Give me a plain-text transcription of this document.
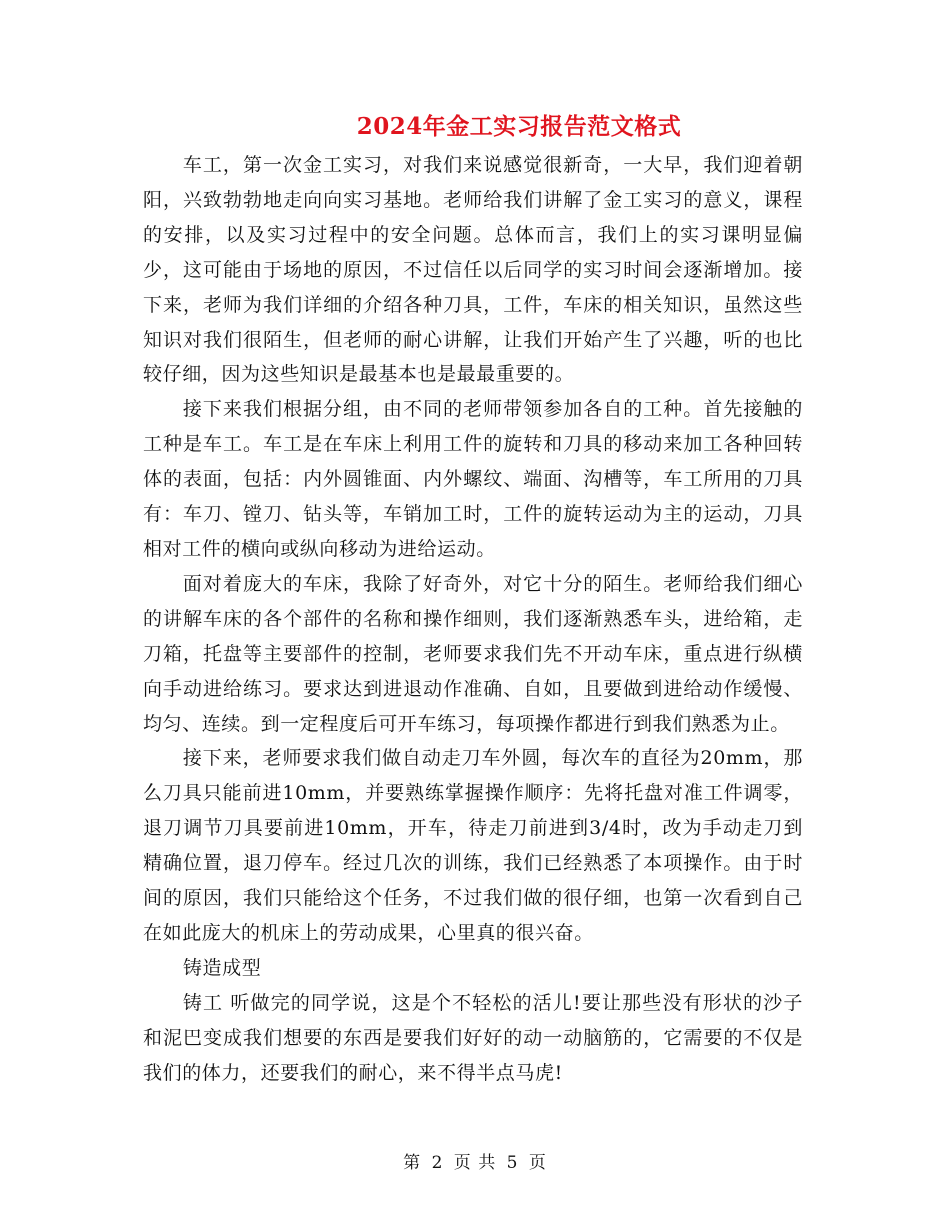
2024年金工实习报告范文格式

车工，第一次金工实习，对我们来说感觉很新奇，一大早，我们迎着朝阳，兴致勃勃地走向向实习基地。老师给我们讲解了金工实习的意义，课程的安排，以及实习过程中的安全问题。总体而言，我们上的实习课明显偏少，这可能由于场地的原因，不过信任以后同学的实习时间会逐渐增加。接下来，老师为我们详细的介绍各种刀具，工件，车床的相关知识，虽然这些知识对我们很陌生，但老师的耐心讲解，让我们开始产生了兴趣，听的也比较仔细，因为这些知识是最基本也是最最重要的。

接下来我们根据分组，由不同的老师带领参加各自的工种。首先接触的工种是车工。车工是在车床上利用工件的旋转和刀具的移动来加工各种回转体的表面，包括：内外圆锥面、内外螺纹、端面、沟槽等，车工所用的刀具有：车刀、镗刀、钻头等，车销加工时，工件的旋转运动为主的运动，刀具相对工件的横向或纵向移动为进给运动。

面对着庞大的车床，我除了好奇外，对它十分的陌生。老师给我们细心的讲解车床的各个部件的名称和操作细则，我们逐渐熟悉车头，进给箱，走刀箱，托盘等主要部件的控制，老师要求我们先不开动车床，重点进行纵横向手动进给练习。要求达到进退动作准确、自如，且要做到进给动作缓慢、均匀、连续。到一定程度后可开车练习，每项操作都进行到我们熟悉为止。

接下来，老师要求我们做自动走刀车外圆，每次车的直径为20mm，那么刀具只能前进10mm，并要熟练掌握操作顺序：先将托盘对准工件调零，退刀调节刀具要前进10mm，开车，待走刀前进到3/4时，改为手动走刀到精确位置，退刀停车。经过几次的训练，我们已经熟悉了本项操作。由于时间的原因，我们只能给这个任务，不过我们做的很仔细，也第一次看到自己在如此庞大的机床上的劳动成果，心里真的很兴奋。

铸造成型

铸工 听做完的同学说，这是个不轻松的活儿!要让那些没有形状的沙子和泥巴变成我们想要的东西是要我们好好的动一动脑筋的，它需要的不仅是我们的体力，还要我们的耐心，来不得半点马虎!

第 2 页 共 5 页
